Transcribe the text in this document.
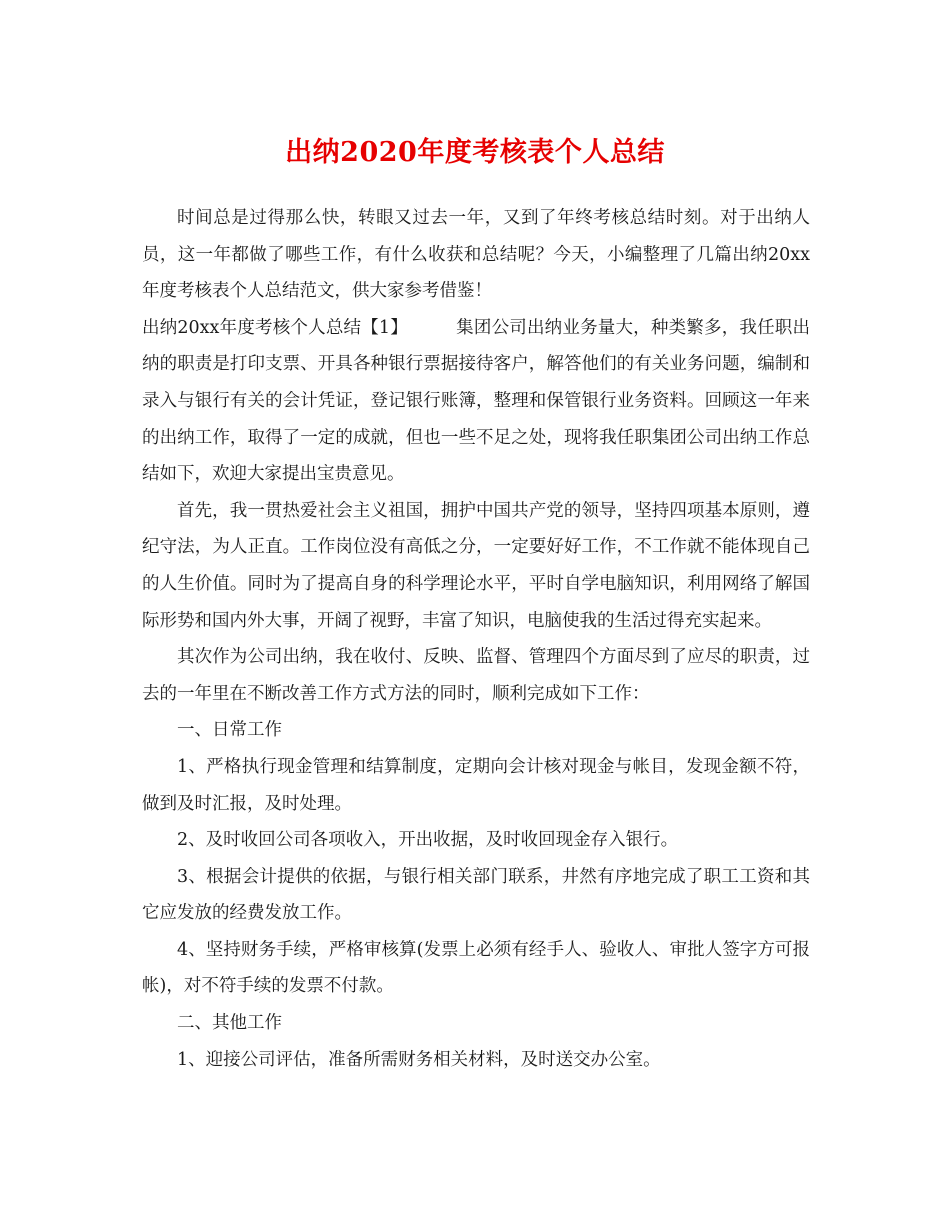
出纳2020年度考核表个人总结

时间总是过得那么快，转眼又过去一年，又到了年终考核总结时刻。对于出纳人员，这一年都做了哪些工作，有什么收获和总结呢？今天，小编整理了几篇出纳20xx年度考核表个人总结范文，供大家参考借鉴！

出纳20xx年度考核个人总结【1】	集团公司出纳业务量大，种类繁多，我任职出纳的职责是打印支票、开具各种银行票据接待客户，解答他们的有关业务问题，编制和录入与银行有关的会计凭证，登记银行账簿，整理和保管银行业务资料。回顾这一年来的出纳工作，取得了一定的成就，但也一些不足之处，现将我任职集团公司出纳工作总结如下，欢迎大家提出宝贵意见。

首先，我一贯热爱社会主义祖国，拥护中国共产党的领导，坚持四项基本原则，遵纪守法，为人正直。工作岗位没有高低之分，一定要好好工作，不工作就不能体现自己的人生价值。同时为了提高自身的科学理论水平，平时自学电脑知识，利用网络了解国际形势和国内外大事，开阔了视野，丰富了知识，电脑使我的生活过得充实起来。

其次作为公司出纳，我在收付、反映、监督、管理四个方面尽到了应尽的职责，过去的一年里在不断改善工作方式方法的同时，顺利完成如下工作：

一、日常工作

1、严格执行现金管理和结算制度，定期向会计核对现金与帐目，发现金额不符，做到及时汇报，及时处理。

2、及时收回公司各项收入，开出收据，及时收回现金存入银行。

3、根据会计提供的依据，与银行相关部门联系，井然有序地完成了职工工资和其它应发放的经费发放工作。

4、坚持财务手续，严格审核算(发票上必须有经手人、验收人、审批人签字方可报帐)，对不符手续的发票不付款。

二、其他工作

1、迎接公司评估，准备所需财务相关材料，及时送交办公室。
